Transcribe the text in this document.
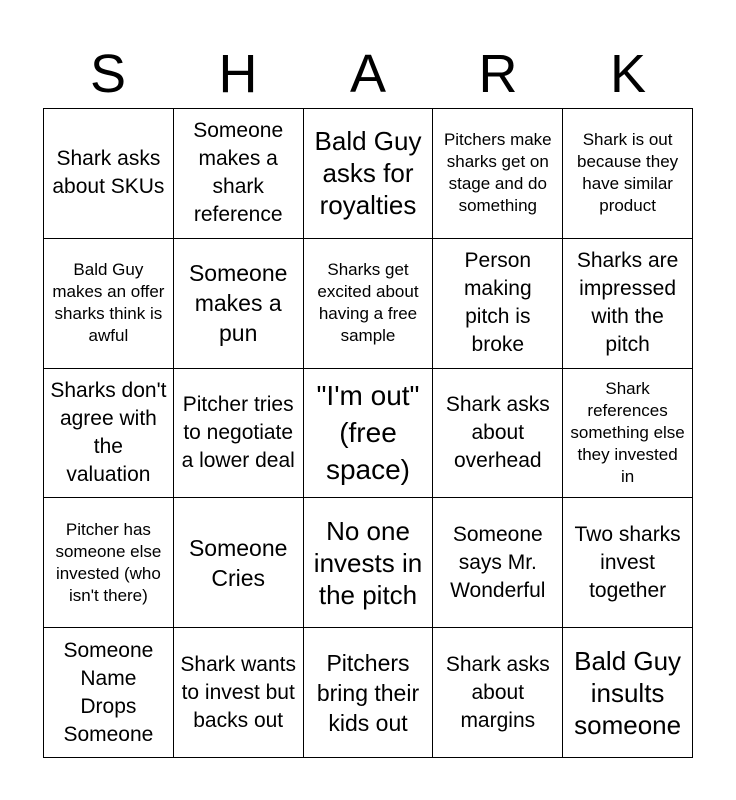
S	H	A	R	K
Shark asks about SKUs
Someone makes a shark reference
Bald Guy asks for royalties
Pitchers make sharks get on stage and do something
Shark is out because they have similar product
Bald Guy makes an offer sharks think is awful
Someone makes a pun
Sharks get excited about having a free sample
Person making pitch is broke
Sharks are impressed with the pitch
Sharks don't agree with the valuation
Pitcher tries to negotiate a lower deal
"I'm out" (free space)
Shark asks about overhead
Shark references something else they invested in
Pitcher has someone else invested (who isn't there)
Someone Cries
No one invests in the pitch
Someone says Mr. Wonderful
Two sharks invest together
Someone Name Drops Someone
Shark wants to invest but backs out
Pitchers bring their kids out
Shark asks about margins
Bald Guy insults someone
